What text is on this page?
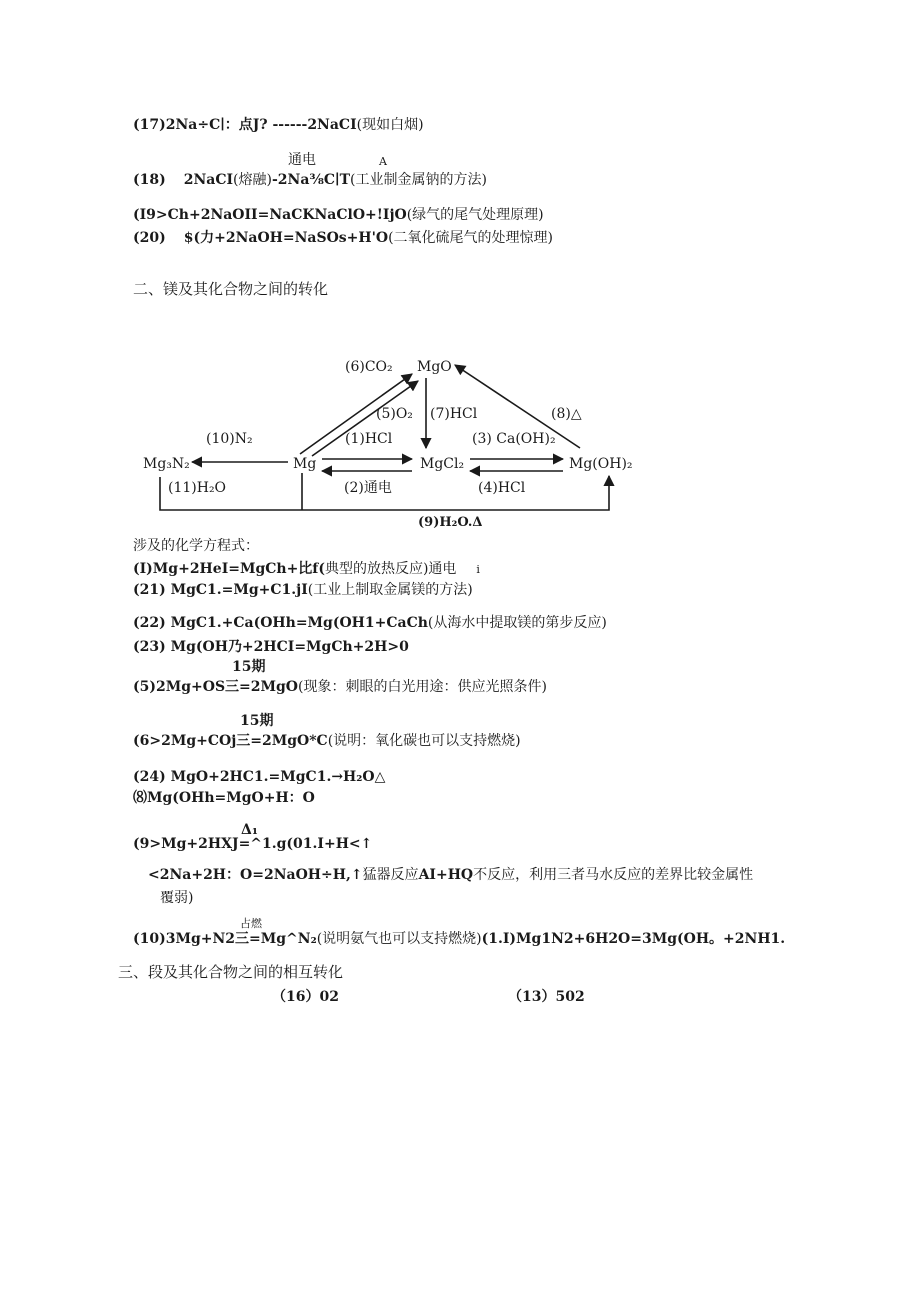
(17)2Na÷C∣：点J? ------2NaCI(现如白烟)
通电	A
(18) 2NaCI(熔融)-2Na⅜C∣T(工业制金属钠的方法)
(I9>Ch+2NaOII=NaCKNaClO+!IjO(绿气的尾气处理原理)
(20) $(力+2NaOH=NaSOs+H'O(二氧化硫尾气的处理惊理)
二、镁及其化合物之间的转化
MgO
Mg₃N₂	Mg	MgCl₂	Mg(OH)₂
(6)CO₂
(5)O₂ (7)HCl	(8)△
(10)N₂	(1)HCl	(3) Ca(OH)₂
(11)H₂O	(2)通电	(4)HCl
(9)H₂O.Δ
涉及的化学方程式：
(I)Mg+2HeI=MgCh+比f(典型的放热反应)通电 i
(21) MgC1.=Mg+C1.jI(工业上制取金属镁的方法)
(22) MgC1.+Ca(OHh=Mg(OH1+CaCh(从海水中提取镁的第步反应)
(23) Mg(OH乃+2HCI=MgCh+2H>0
15期
(5)2Mg+OS三=2MgO(现象：刺眼的白光用途：供应光照条件)
15期
(6>2Mg+COj三=2MgO*C(说明：氧化碳也可以支持燃烧)
(24) MgO+2HC1.=MgC1.→H₂O△
⑻Mg(OHh=MgO+H：O
Δ₁
(9>Mg+2HXJ=^1.g(01.I+H<↑
<2Na+2H：O=2NaOH÷H,↑猛器反应AI+HQ不反应，利用三者马水反应的差界比较金属性
覆弱)
占燃
(10)3Mg+N2三=Mg^N₂(说明氨气也可以支持燃烧)(1.I)Mg1N2+6H2O=3Mg(OH。+2NH1.
三、段及其化合物之间的相互转化
（16）02	（13）502
